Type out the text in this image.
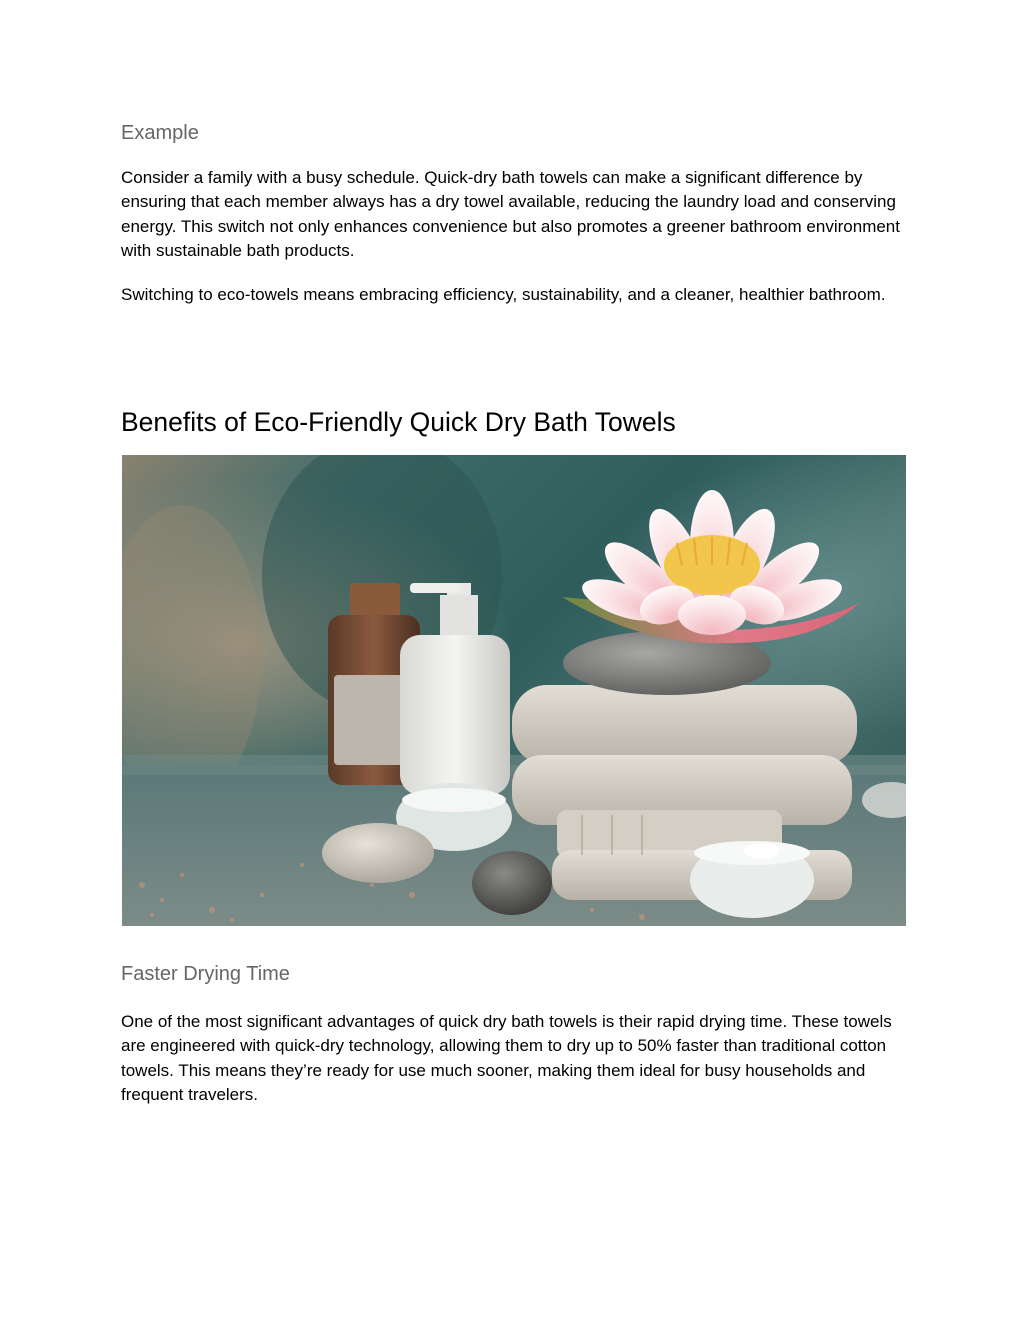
Example

Consider a family with a busy schedule. Quick-dry bath towels can make a significant difference by ensuring that each member always has a dry towel available, reducing the laundry load and conserving energy. This switch not only enhances convenience but also promotes a greener bathroom environment with sustainable bath products.

Switching to eco-towels means embracing efficiency, sustainability, and a cleaner, healthier bathroom.

Benefits of Eco-Friendly Quick Dry Bath Towels
Faster Drying Time

One of the most significant advantages of quick dry bath towels is their rapid drying time. These towels are engineered with quick-dry technology, allowing them to dry up to 50% faster than traditional cotton towels. This means they’re ready for use much sooner, making them ideal for busy households and frequent travelers.
